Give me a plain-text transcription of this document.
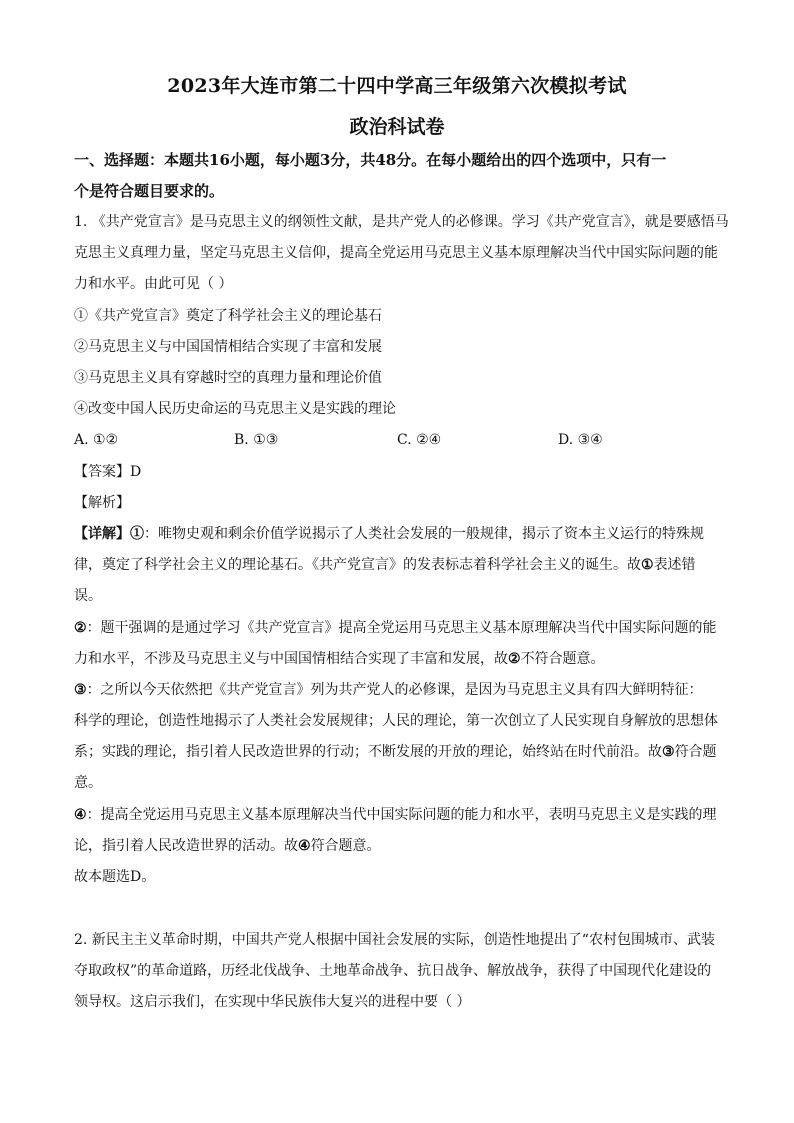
2023年大连市第二十四中学高三年级第六次模拟考试
政治科试卷
一、选择题：本题共16小题，每小题3分，共48分。在每小题给出的四个选项中，只有一
个是符合题目要求的。
1. 《共产党宣言》是马克思主义的纲领性文献，是共产党人的必修课。学习《共产党宣言》，就是要感悟马
克思主义真理力量，坚定马克思主义信仰，提高全党运用马克思主义基本原理解决当代中国实际问题的能
力和水平。由此可见（ ）
①《共产党宣言》奠定了科学社会主义的理论基石
②马克思主义与中国国情相结合实现了丰富和发展
③马克思主义具有穿越时空的真理力量和理论价值
④改变中国人民历史命运的马克思主义是实践的理论
A. ①②	B. ①③	C. ②④	D. ③④
【答案】D
【解析】
【详解】①：唯物史观和剩余价值学说揭示了人类社会发展的一般规律，揭示了资本主义运行的特殊规
律，奠定了科学社会主义的理论基石。《共产党宣言》的发表标志着科学社会主义的诞生。故①表述错
误。
②：题干强调的是通过学习《共产党宣言》提高全党运用马克思主义基本原理解决当代中国实际问题的能
力和水平，不涉及马克思主义与中国国情相结合实现了丰富和发展，故②不符合题意。
③：之所以今天依然把《共产党宣言》列为共产党人的必修课，是因为马克思主义具有四大鲜明特征：
科学的理论，创造性地揭示了人类社会发展规律；人民的理论，第一次创立了人民实现自身解放的思想体
系；实践的理论，指引着人民改造世界的行动；不断发展的开放的理论，始终站在时代前沿。故③符合题
意。
④：提高全党运用马克思主义基本原理解决当代中国实际问题的能力和水平，表明马克思主义是实践的理
论，指引着人民改造世界的活动。故④符合题意。
故本题选D。
2. 新民主主义革命时期，中国共产党人根据中国社会发展的实际，创造性地提出了“农村包围城市、武装
夺取政权”的革命道路，历经北伐战争、土地革命战争、抗日战争、解放战争，获得了中国现代化建设的
领导权。这启示我们，在实现中华民族伟大复兴的进程中要（ ）
